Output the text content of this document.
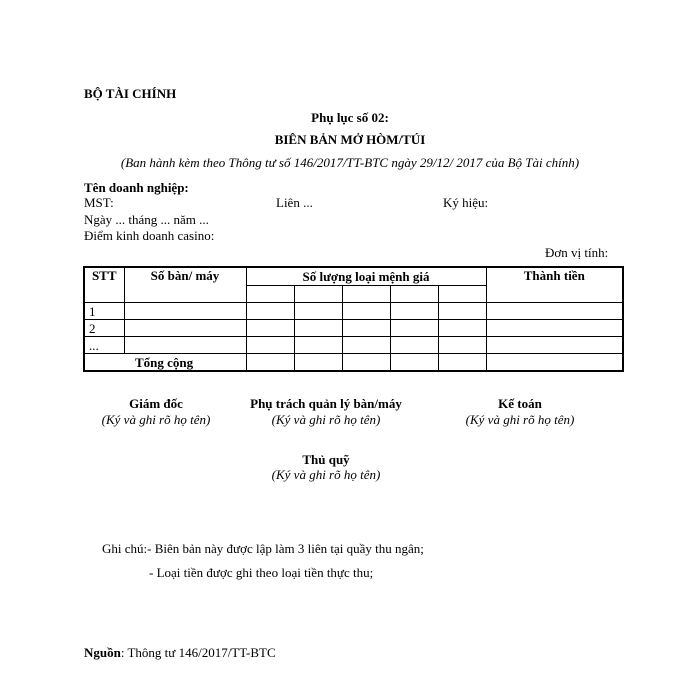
BỘ TÀI CHÍNH
Phụ lục số 02:
BIÊN BẢN MỞ HÒM/TÚI
(Ban hành kèm theo Thông tư số 146/2017/TT-BTC ngày 29/12/ 2017 của Bộ Tài chính)
Tên doanh nghiệp:
MST:	Liên ...	Ký hiệu:
Ngày ... tháng ... năm ...
Điểm kinh doanh casino:
Đơn vị tính:
STT	Số bàn/ máy	Số lượng loại mệnh giá					Thành tiền

1							
2							
...							
Tổng cộng							
Giám đốc
(Ký và ghi rõ họ tên)
Phụ trách quản lý bàn/máy
(Ký và ghi rõ họ tên)
Kế toán
(Ký và ghi rõ họ tên)
Thủ quỹ
(Ký và ghi rõ họ tên)
Ghi chú:- Biên bản này được lập làm 3 liên tại quầy thu ngân;
- Loại tiền được ghi theo loại tiền thực thu;
Nguồn: Thông tư 146/2017/TT-BTC
